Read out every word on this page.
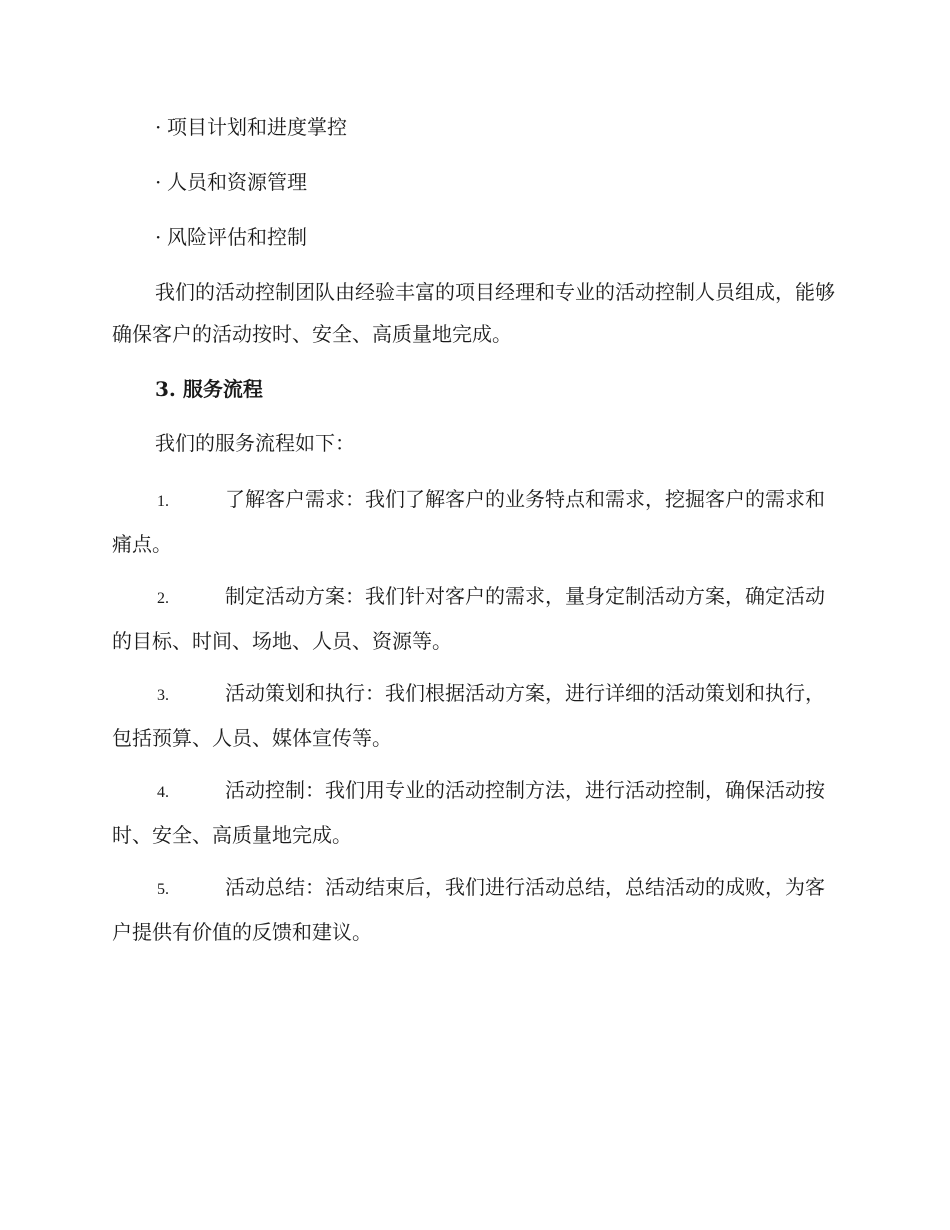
· 项目计划和进度掌控
· 人员和资源管理
· 风险评估和控制
我们的活动控制团队由经验丰富的项目经理和专业的活动控制人员组成，能够确保客户的活动按时、安全、高质量地完成。
3. 服务流程
我们的服务流程如下：
1.	了解客户需求：我们了解客户的业务特点和需求，挖掘客户的需求和痛点。
2.	制定活动方案：我们针对客户的需求，量身定制活动方案，确定活动的目标、时间、场地、人员、资源等。
3.	活动策划和执行：我们根据活动方案，进行详细的活动策划和执行，包括预算、人员、媒体宣传等。
4.	活动控制：我们用专业的活动控制方法，进行活动控制，确保活动按时、安全、高质量地完成。
5.	活动总结：活动结束后，我们进行活动总结，总结活动的成败，为客户提供有价值的反馈和建议。
